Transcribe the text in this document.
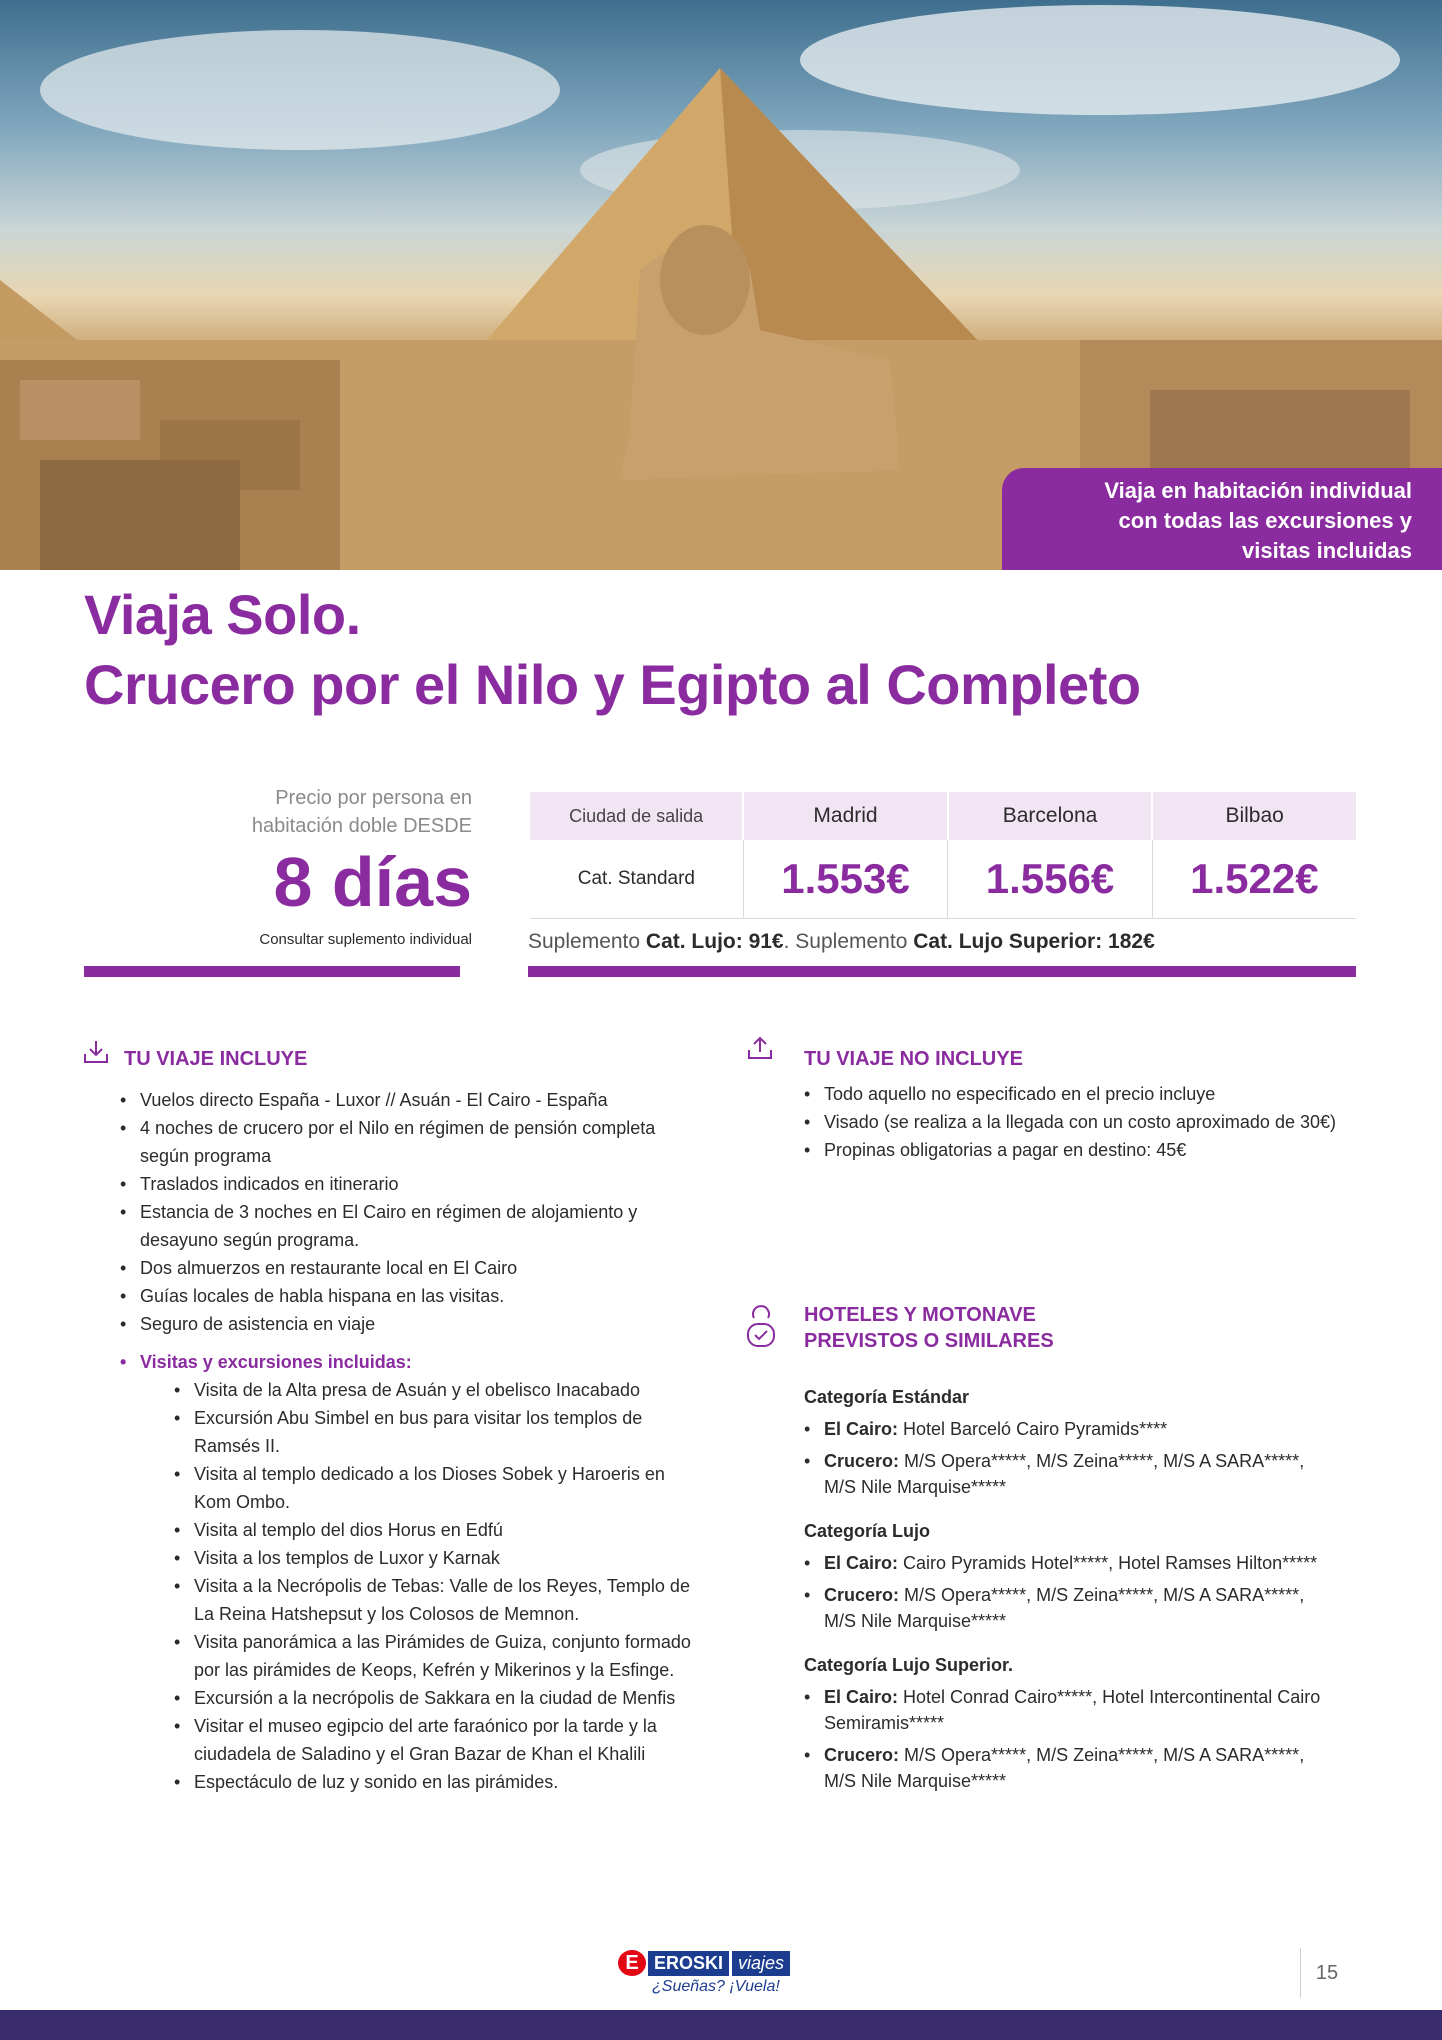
Viaja en habitación individual
con todas las excursiones y
visitas incluidas
Viaja Solo.
Crucero por el Nilo y Egipto al Completo
Precio por persona en
habitación doble DESDE
8 días
Consultar suplemento individual
Ciudad de salida	Madrid	Barcelona	Bilbao
Cat. Standard	1.553€	1.556€	1.522€
Suplemento Cat. Lujo: 91€. Suplemento Cat. Lujo Superior: 182€
TU VIAJE INCLUYE
• Vuelos directo España - Luxor // Asuán - El Cairo - España
• 4 noches de crucero por el Nilo en régimen de pensión completa según programa
• Traslados indicados en itinerario
• Estancia de 3 noches en El Cairo en régimen de alojamiento y desayuno según programa.
• Dos almuerzos en restaurante local en El Cairo
• Guías locales de habla hispana en las visitas.
• Seguro de asistencia en viaje
• Visitas y excursiones incluidas:
• Visita de la Alta presa de Asuán y el obelisco Inacabado
• Excursión Abu Simbel en bus para visitar los templos de Ramsés II.
• Visita al templo dedicado a los Dioses Sobek y Haroeris en Kom Ombo.
• Visita al templo del dios Horus en Edfú
• Visita a los templos de Luxor y Karnak
• Visita a la Necrópolis de Tebas: Valle de los Reyes, Templo de La Reina Hatshepsut y los Colosos de Memnon.
• Visita panorámica a las Pirámides de Guiza, conjunto formado por las pirámides de Keops, Kefrén y Mikerinos y la Esfinge.
• Excursión a la necrópolis de Sakkara en la ciudad de Menfis
• Visitar el museo egipcio del arte faraónico por la tarde y la ciudadela de Saladino y el Gran Bazar de Khan el Khalili
• Espectáculo de luz y sonido en las pirámides.
TU VIAJE NO INCLUYE
• Todo aquello no especificado en el precio incluye
• Visado (se realiza a la llegada con un costo aproximado de 30€)
• Propinas obligatorias a pagar en destino: 45€
HOTELES Y MOTONAVE
PREVISTOS O SIMILARES
Categoría Estándar
• El Cairo: Hotel Barceló Cairo Pyramids****
• Crucero: M/S Opera*****, M/S Zeina*****, M/S A SARA*****, M/S Nile Marquise*****
Categoría Lujo
• El Cairo: Cairo Pyramids Hotel*****, Hotel Ramses Hilton*****
• Crucero: M/S Opera*****, M/S Zeina*****, M/S A SARA*****, M/S Nile Marquise*****
Categoría Lujo Superior.
• El Cairo: Hotel Conrad Cairo*****, Hotel Intercontinental Cairo Semiramis*****
• Crucero: M/S Opera*****, M/S Zeina*****, M/S A SARA*****, M/S Nile Marquise*****
E EROSKI viajes
¿Sueñas? ¡Vuela!
15
